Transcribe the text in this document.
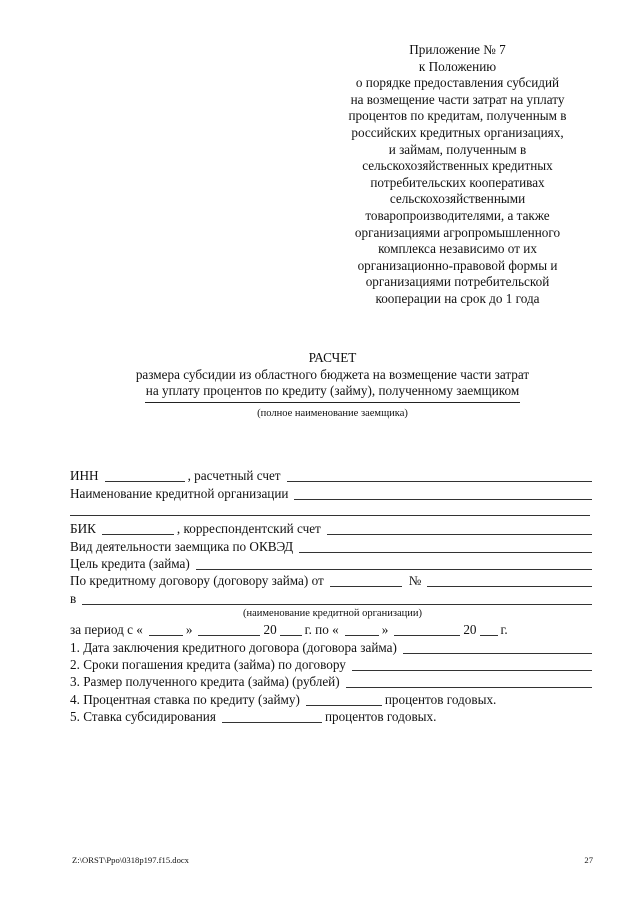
Приложение № 7
к Положению
о порядке предоставления субсидий
на возмещение части затрат на уплату
процентов по кредитам, полученным в
российских кредитных организациях,
и займам, полученным в
сельскохозяйственных кредитных
потребительских кооперативах
сельскохозяйственными
товаропроизводителями, а также
организациями агропромышленного
комплекса независимо от их
организационно-правовой формы и
организациями потребительской
кооперации на срок до 1 года
РАСЧЕТ
размера субсидии из областного бюджета на возмещение части затрат
на уплату процентов по кредиту (займу), полученному заемщиком
(полное наименование заемщика)
ИНН	, расчетный счет
Наименование кредитной организации
БИК	, корреспондентский счет
Вид деятельности заемщика по ОКВЭД
Цель кредита (займа)
По кредитному договору (договору займа) от	№
в
(наименование кредитной организации)
за период с «	»	20 г. по «	»	20 г.
1. Дата заключения кредитного договора (договора займа)
2. Сроки погашения кредита (займа) по договору
3. Размер полученного кредита (займа) (рублей)
4. Процентная ставка по кредиту (займу)	процентов годовых.
5. Ставка субсидирования	процентов годовых.
Z:\ORST\Ppo\0318p197.f15.docx	27
